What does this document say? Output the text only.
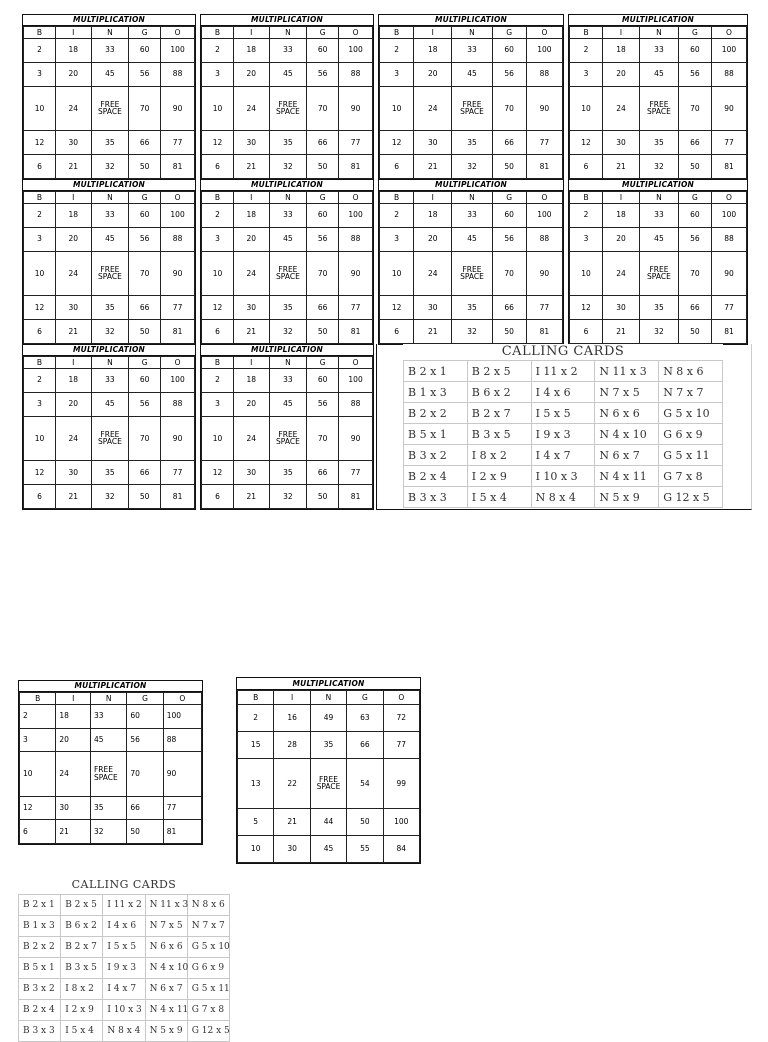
MULTIPLICATION
B	I	N	G	O
2	18	33	60	100
3	20	45	56	88
10	24	FREE SPACE	70	90
12	30	35	66	77
6	21	32	50	81
MULTIPLICATION
B	I	N	G	O
2	18	33	60	100
3	20	45	56	88
10	24	FREE SPACE	70	90
12	30	35	66	77
6	21	32	50	81
MULTIPLICATION
B	I	N	G	O
2	18	33	60	100
3	20	45	56	88
10	24	FREE SPACE	70	90
12	30	35	66	77
6	21	32	50	81
MULTIPLICATION
B	I	N	G	O
2	18	33	60	100
3	20	45	56	88
10	24	FREE SPACE	70	90
12	30	35	66	77
6	21	32	50	81
MULTIPLICATION
B	I	N	G	O
2	18	33	60	100
3	20	45	56	88
10	24	FREE SPACE	70	90
12	30	35	66	77
6	21	32	50	81
MULTIPLICATION
B	I	N	G	O
2	18	33	60	100
3	20	45	56	88
10	24	FREE SPACE	70	90
12	30	35	66	77
6	21	32	50	81
MULTIPLICATION
B	I	N	G	O
2	18	33	60	100
3	20	45	56	88
10	24	FREE SPACE	70	90
12	30	35	66	77
6	21	32	50	81
MULTIPLICATION
B	I	N	G	O
2	18	33	60	100
3	20	45	56	88
10	24	FREE SPACE	70	90
12	30	35	66	77
6	21	32	50	81
MULTIPLICATION
B	I	N	G	O
2	18	33	60	100
3	20	45	56	88
10	24	FREE SPACE	70	90
12	30	35	66	77
6	21	32	50	81
MULTIPLICATION
B	I	N	G	O
2	18	33	60	100
3	20	45	56	88
10	24	FREE SPACE	70	90
12	30	35	66	77
6	21	32	50	81
CALLING CARDS
B 2 x 1	B 2 x 5	I 11 x 2	N 11 x 3	N 8 x 6
B 1 x 3	B 6 x 2	I 4 x 6	N 7 x 5	N 7 x 7
B 2 x 2	B 2 x 7	I 5 x 5	N 6 x 6	G 5 x 10
B 5 x 1	B 3 x 5	I 9 x 3	N 4 x 10	G 6 x 9
B 3 x 2	I 8 x 2	I 4 x 7	N 6 x 7	G 5 x 11
B 2 x 4	I 2 x 9	I 10 x 3	N 4 x 11	G 7 x 8
B 3 x 3	I 5 x 4	N 8 x 4	N 5 x 9	G 12 x 5
MULTIPLICATION
B	I	N	G	O
2	18	33	60	100
3	20	45	56	88
10	24	FREE SPACE	70	90
12	30	35	66	77
6	21	32	50	81
MULTIPLICATION
B	I	N	G	O
2	16	49	63	72
15	28	35	66	77
13	22	FREE SPACE	54	99
5	21	44	50	100
10	30	45	55	84
CALLING CARDS
B 2 x 1	B 2 x 5	I 11 x 2	N 11 x 3	N 8 x 6
B 1 x 3	B 6 x 2	I 4 x 6	N 7 x 5	N 7 x 7
B 2 x 2	B 2 x 7	I 5 x 5	N 6 x 6	G 5 x 10
B 5 x 1	B 3 x 5	I 9 x 3	N 4 x 10	G 6 x 9
B 3 x 2	I 8 x 2	I 4 x 7	N 6 x 7	G 5 x 11
B 2 x 4	I 2 x 9	I 10 x 3	N 4 x 11	G 7 x 8
B 3 x 3	I 5 x 4	N 8 x 4	N 5 x 9	G 12 x 5
